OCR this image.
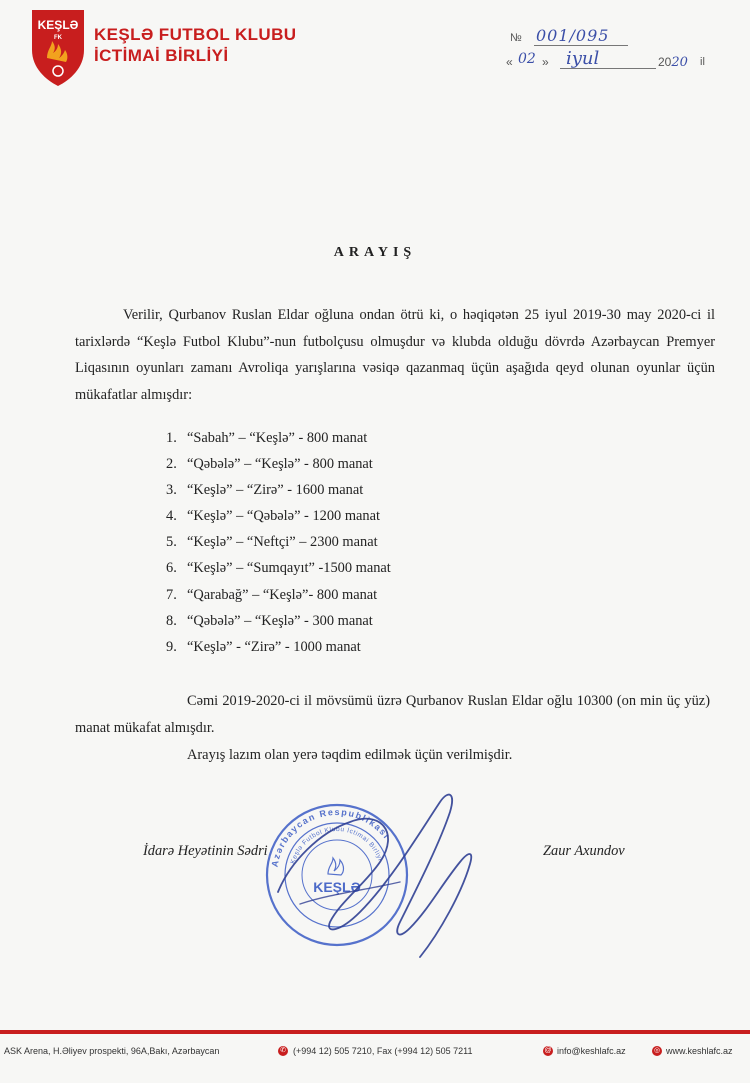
KEŞLƏ
FK KEŞLƏ FUTBOL KLUBU
İCTİMAİ BİRLİYİ
№ 001/095
« 02 » iyul	2020 il
ARAYIŞ
Verilir, Qurbanov Ruslan Eldar oğluna ondan ötrü ki, o həqiqətən 25 iyul 2019-30 may 2020-ci il tarixlərdə “Keşlə Futbol Klubu”-nun futbolçusu olmuşdur və klubda olduğu dövrdə Azərbaycan Premyer Liqasının oyunları zamanı Avroliqa yarışlarına vəsiqə qazanmaq üçün aşağıda qeyd olunan oyunlar üçün mükafatlar almışdır:
1. “Sabah” – “Keşlə” - 800 manat
2. “Qəbələ” – “Keşlə” - 800 manat
3. “Keşlə” – “Zirə” - 1600 manat
4. “Keşlə” – “Qəbələ” - 1200 manat
5. “Keşlə” – “Neftçi” – 2300 manat
6. “Keşlə” – “Sumqayıt” -1500 manat
7. “Qarabağ” – “Keşlə”- 800 manat
8. “Qəbələ” – “Keşlə” - 300 manat
9. “Keşlə” - “Zirə” - 1000 manat

Cəmi 2019-2020-ci il mövsümü üzrə Qurbanov Ruslan Eldar oğlu 10300 (on min üç yüz) manat mükafat almışdır.

Arayış lazım olan yerə təqdim edilmək üçün verilmişdir.

İdarə Heyətinin Sədri	Zaur Axundov
Azərbaycan Respublikası
Keşlə Futbol Klubu İctimai Birliyi
KEŞLƏ
ASK Arena, H.Əliyev prospekti, 96A,Bakı, Azərbaycan	✆ (+994 12) 505 7210, Fax (+994 12) 505 7211	@ info@keshlafc.az	◎ www.keshlafc.az
